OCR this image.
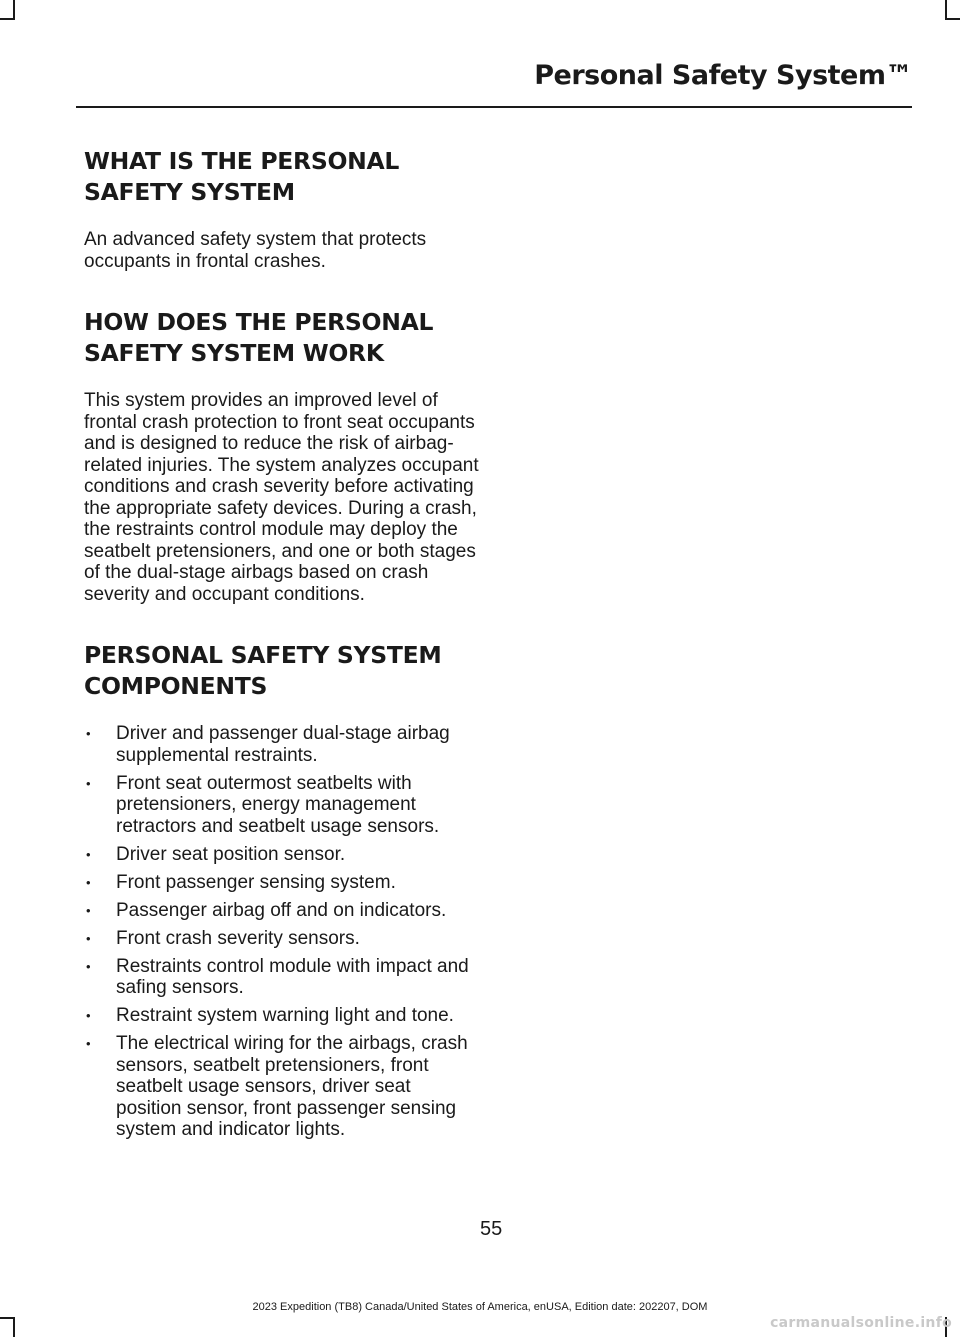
Personal Safety System™
WHAT IS THE PERSONAL SAFETY SYSTEM

An advanced safety system that protects occupants in frontal crashes.

HOW DOES THE PERSONAL SAFETY SYSTEM WORK

This system provides an improved level of frontal crash protection to front seat occupants and is designed to reduce the risk of airbag-related injuries. The system analyzes occupant conditions and crash severity before activating the appropriate safety devices. During a crash, the restraints control module may deploy the seatbelt pretensioners, and one or both stages of the dual-stage airbags based on crash severity and occupant conditions.

PERSONAL SAFETY SYSTEM COMPONENTS
• Driver and passenger dual-stage airbag supplemental restraints.
• Front seat outermost seatbelts with pretensioners, energy management retractors and seatbelt usage sensors.
• Driver seat position sensor.
• Front passenger sensing system.
• Passenger airbag off and on indicators.
• Front crash severity sensors.
• Restraints control module with impact and safing sensors.
• Restraint system warning light and tone.
• The electrical wiring for the airbags, crash sensors, seatbelt pretensioners, front seatbelt usage sensors, driver seat position sensor, front passenger sensing system and indicator lights.
55
2023 Expedition (TB8) Canada/United States of America, enUSA, Edition date: 202207, DOM
carmanualsonline.info
